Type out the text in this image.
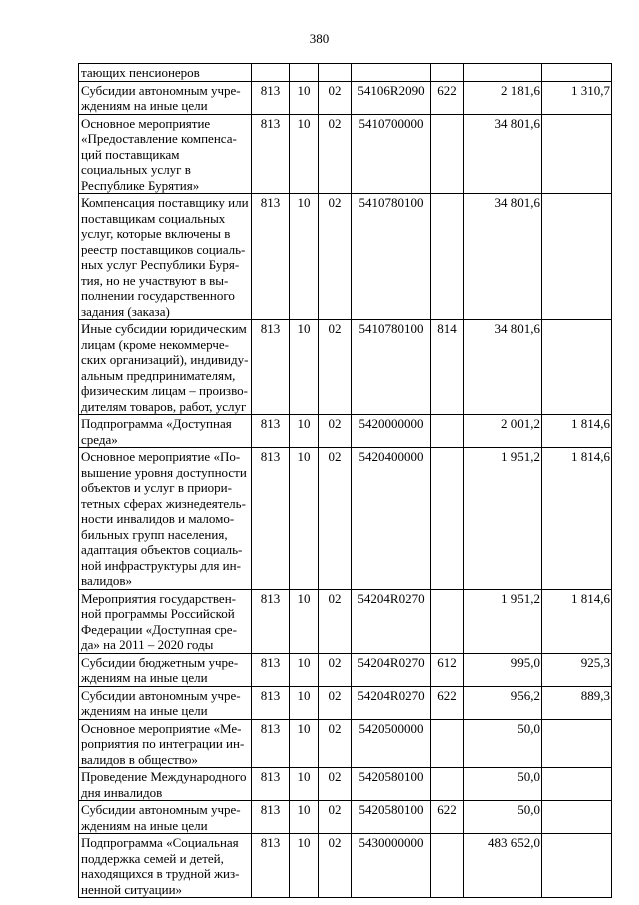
380
тающих пенсионеров							
Субсидии автономным учре- ждениям на иные цели	813	10	02	54106R2090	622	2 181,6	1 310,7
Основное мероприятие «Предоставление компенса- ций поставщикам социальных услуг в Республике Бурятия»	813	10	02	5410700000		34 801,6	
Компенсация поставщику или поставщикам социальных услуг, которые включены в реестр поставщиков социаль- ных услуг Республики Буря- тия, но не участвуют в вы- полнении государственного задания (заказа)	813	10	02	5410780100		34 801,6	
Иные субсидии юридическим лицам (кроме некоммерче- ских организаций), индивиду- альным предпринимателям, физическим лицам – произво- дителям товаров, работ, услуг	813	10	02	5410780100	814	34 801,6	
Подпрограмма «Доступная среда»	813	10	02	5420000000		2 001,2	1 814,6
Основное мероприятие «По- вышение уровня доступности объектов и услуг в приори- тетных сферах жизнедеятель- ности инвалидов и маломо- бильных групп населения, адаптация объектов социаль- ной инфраструктуры для ин- валидов»	813	10	02	5420400000		1 951,2	1 814,6
Мероприятия государствен- ной программы Российской Федерации «Доступная сре- да» на 2011 – 2020 годы	813	10	02	54204R0270		1 951,2	1 814,6
Субсидии бюджетным учре- ждениям на иные цели	813	10	02	54204R0270	612	995,0	925,3
Субсидии автономным учре- ждениям на иные цели	813	10	02	54204R0270	622	956,2	889,3
Основное мероприятие «Ме- роприятия по интеграции ин- валидов в общество»	813	10	02	5420500000		50,0	
Проведение Международного дня инвалидов	813	10	02	5420580100		50,0	
Субсидии автономным учре- ждениям на иные цели	813	10	02	5420580100	622	50,0	
Подпрограмма «Социальная поддержка семей и детей, находящихся в трудной жиз- ненной ситуации»	813	10	02	5430000000		483 652,0	
